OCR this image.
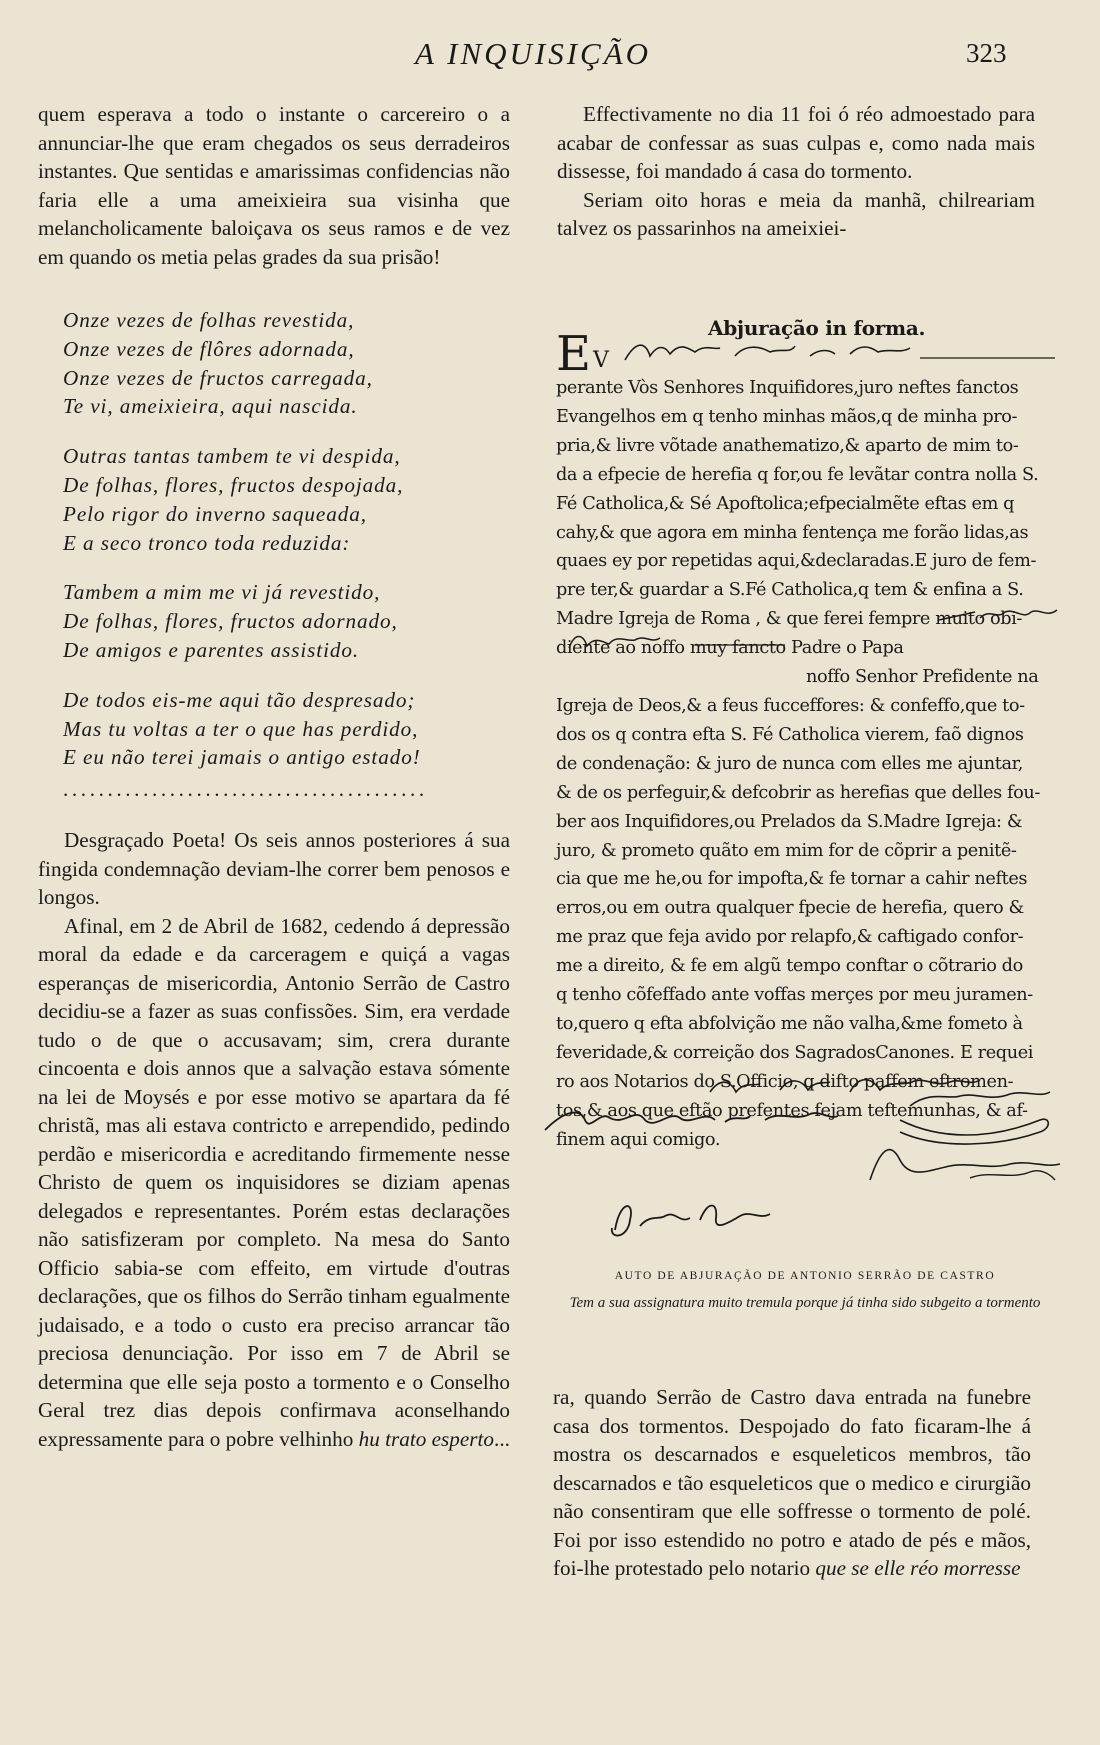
A INQUISIÇÃO	323

quem esperava a todo o instante o carcereiro o a annunciar-lhe que eram chegados os seus derradeiros instantes. Que sentidas e amarissimas confidencias não faria elle a uma ameixieira sua visinha que melancholicamente baloiçava os seus ramos e de vez em quando os metia pelas grades da sua prisão!

Onze vezes de folhas revestida,
Onze vezes de flôres adornada,
Onze vezes de fructos carregada,
Te vi, ameixieira, aqui nascida.
Outras tantas tambem te vi despida,
De folhas, flores, fructos despojada,
Pelo rigor do inverno saqueada,
E a seco tronco toda reduzida:
Tambem a mim me vi já revestido,
De folhas, flores, fructos adornado,
De amigos e parentes assistido.
De todos eis-me aqui tão despresado;
Mas tu voltas a ter o que has perdido,
E eu não terei jamais o antigo estado!
.........................................

Desgraçado Poeta! Os seis annos posteriores á sua fingida condemnação deviam-lhe correr bem penosos e longos.

Afinal, em 2 de Abril de 1682, cedendo á depressão moral da edade e da carceragem e quiçá a vagas esperanças de misericordia, Antonio Serrão de Castro decidiu-se a fazer as suas confissões. Sim, era verdade tudo o de que o accusavam; sim, crera durante cincoenta e dois annos que a salvação estava sómente na lei de Moysés e por esse motivo se apartara da fé christã, mas ali estava contricto e arrependido, pedindo perdão e misericordia e acreditando firmemente nesse Christo de quem os inquisidores se diziam apenas delegados e representantes. Porém estas declarações não satisfizeram por completo. Na mesa do Santo Officio sabia-se com effeito, em virtude d'outras declarações, que os filhos do Serrão tinham egualmente judaisado, e a todo o custo era preciso arrancar tão preciosa denunciação. Por isso em 7 de Abril se determina que elle seja posto a tormento e o Conselho Geral trez dias depois confirmava aconselhando expressamente para o pobre velhinho hu trato esperto...

Effectivamente no dia 11 foi ó réo admoestado para acabar de confessar as suas culpas e, como nada mais dissesse, foi mandado á casa do tormento.

Seriam oito horas e meia da manhã, chilreariam talvez os passarinhos na ameixiei-

Abjuração in forma.
E V
perante Vòs Senhores Inquifidores,juro neftes fanctos
Evangelhos em q tenho minhas mãos,q de minha pro-
pria,& livre võtade anathematizo,& aparto de mim to-
da a efpecie de herefia q for,ou fe levãtar contra nolla S.
Fé Catholica,& Sé Apoftolica;efpecialmẽte eftas em q
cahy,& que agora em minha fentença me forão lidas,as
quaes ey por repetidas aqui,&declaradas.E juro de fem-
pre ter,& guardar a S.Fé Catholica,q tem & enfina a S.
Madre Igreja de Roma , & que ferei fempre muito obi-
diente ao noffo muy fancto Padre o Papa
noffo Senhor Prefidente na
Igreja de Deos,& a feus fucceffores: & confeffo,que to-
dos os q contra efta S. Fé Catholica vierem, faõ dignos
de condenação: & juro de nunca com elles me ajuntar,
& de os perfeguir,& defcobrir as herefias que delles fou-
ber aos Inquifidores,ou Prelados da S.Madre Igreja: &
juro, & prometo quãto em mim for de cõprir a penitẽ-
cia que me he,ou for impofta,& fe tornar a cahir neftes
erros,ou em outra qualquer fpecie de herefia, quero &
me praz que feja avido por relapfo,& caftigado confor-
me a direito, & fe em algũ tempo conftar o cõtrario do
q tenho cõfeffado ante voffas merçes por meu juramen-
to,quero q efta abfolvição me não valha,&me fometo à
feveridade,& correição dos SagradosCanones. E requei
ro aos Notarios do S.Officio, q difto paffem eftromen-
tos,& aos que eftão prefentes fejam teftemunhas, & af-
finem aqui comigo.
AUTO DE ABJURAÇÃO DE ANTONIO SERRÃO DE CASTRO
Tem a sua assignatura muito tremula porque já tinha sido subgeito a tormento

ra, quando Serrão de Castro dava entrada na funebre casa dos tormentos. Despojado do fato ficaram-lhe á mostra os descarnados e esqueleticos membros, tão descarnados e tão esqueleticos que o medico e cirurgião não consentiram que elle soffresse o tormento de polé. Foi por isso estendido no potro e atado de pés e mãos, foi-lhe protestado pelo notario que se elle réo morresse
